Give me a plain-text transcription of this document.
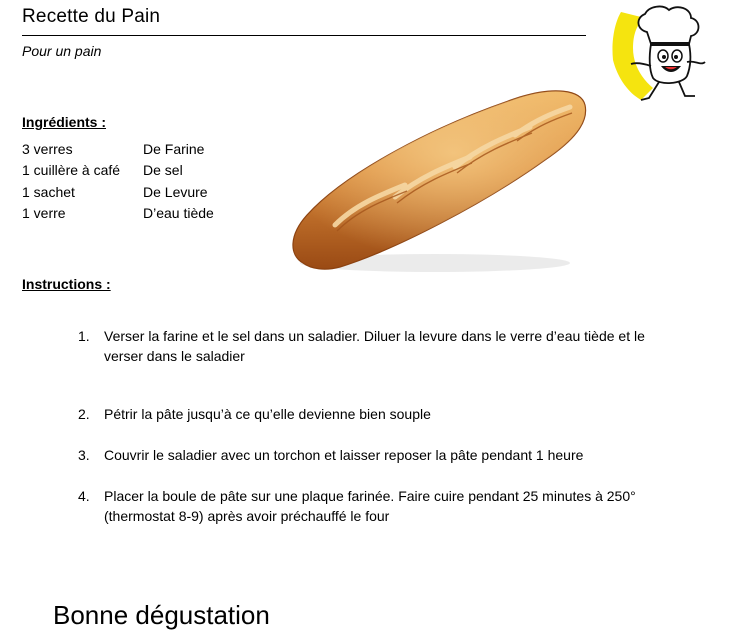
Recette du Pain
Pour un pain
Ingrédients :
3 verres	De Farine
1 cuillère à café De sel
1 sachet	De Levure
1 verre	D’eau tiède
Instructions :
1. Verser la farine et le sel dans un saladier. Diluer la levure dans le verre d’eau tiède et le verser dans le saladier
2. Pétrir la pâte jusqu’à ce qu’elle devienne bien souple
3. Couvrir le saladier avec un torchon et laisser reposer la pâte pendant 1 heure
4. Placer la boule de pâte sur une plaque farinée. Faire cuire pendant 25 minutes à 250° (thermostat 8-9) après avoir préchauffé le four
Bonne dégustation
